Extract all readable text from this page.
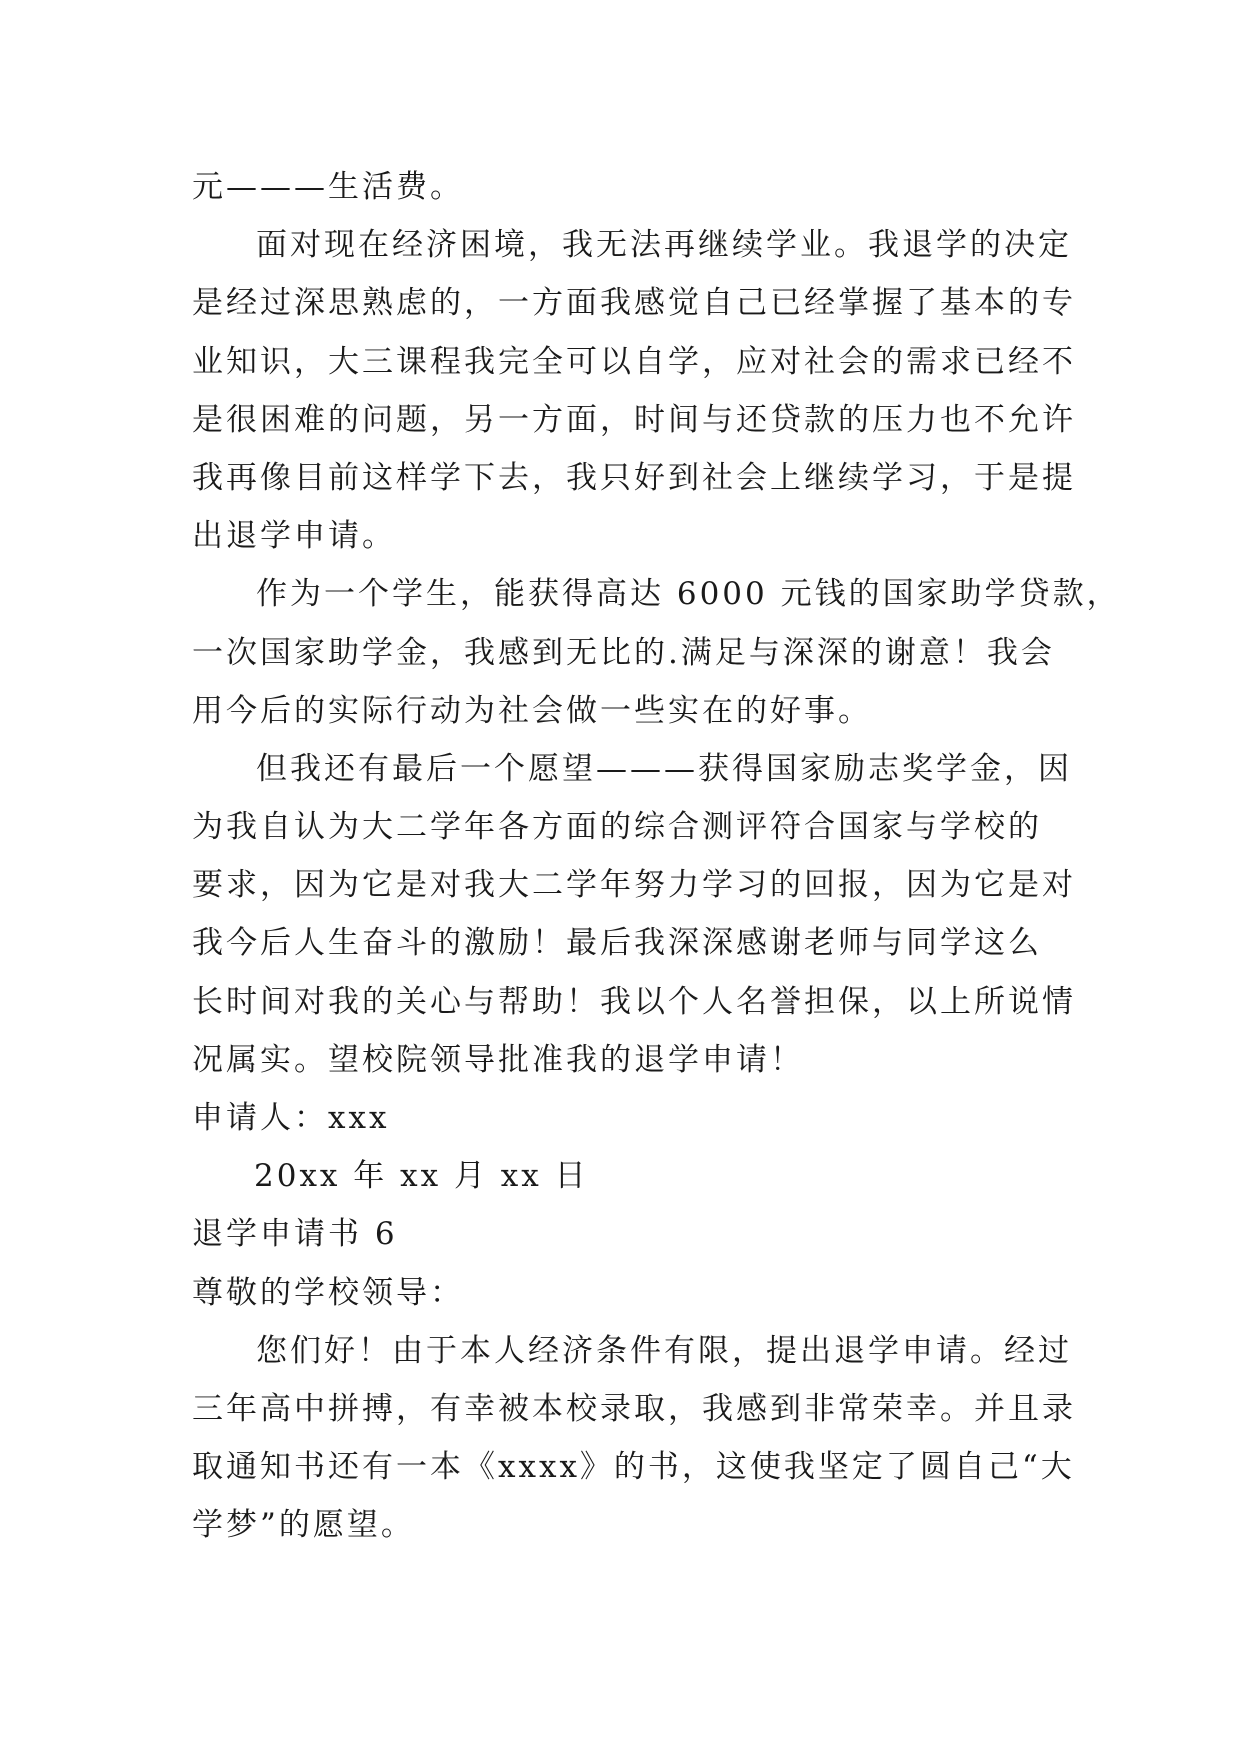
元———生活费。
面对现在经济困境，我无法再继续学业。我退学的决定
是经过深思熟虑的，一方面我感觉自己已经掌握了基本的专
业知识，大三课程我完全可以自学，应对社会的需求已经不
是很困难的问题，另一方面，时间与还贷款的压力也不允许
我再像目前这样学下去，我只好到社会上继续学习，于是提
出退学申请。
作为一个学生，能获得高达 6000 元钱的国家助学贷款，
一次国家助学金，我感到无比的.满足与深深的谢意！我会
用今后的实际行动为社会做一些实在的好事。
但我还有最后一个愿望———获得国家励志奖学金，因
为我自认为大二学年各方面的综合测评符合国家与学校的
要求，因为它是对我大二学年努力学习的回报，因为它是对
我今后人生奋斗的激励！最后我深深感谢老师与同学这么
长时间对我的关心与帮助！我以个人名誉担保，以上所说情
况属实。望校院领导批准我的退学申请！
申请人：xxx
20xx 年 xx 月 xx 日
退学申请书 6
尊敬的学校领导：
您们好！由于本人经济条件有限，提出退学申请。经过
三年高中拼搏，有幸被本校录取，我感到非常荣幸。并且录
取通知书还有一本《xxxx》的书，这使我坚定了圆自己“大
学梦”的愿望。
